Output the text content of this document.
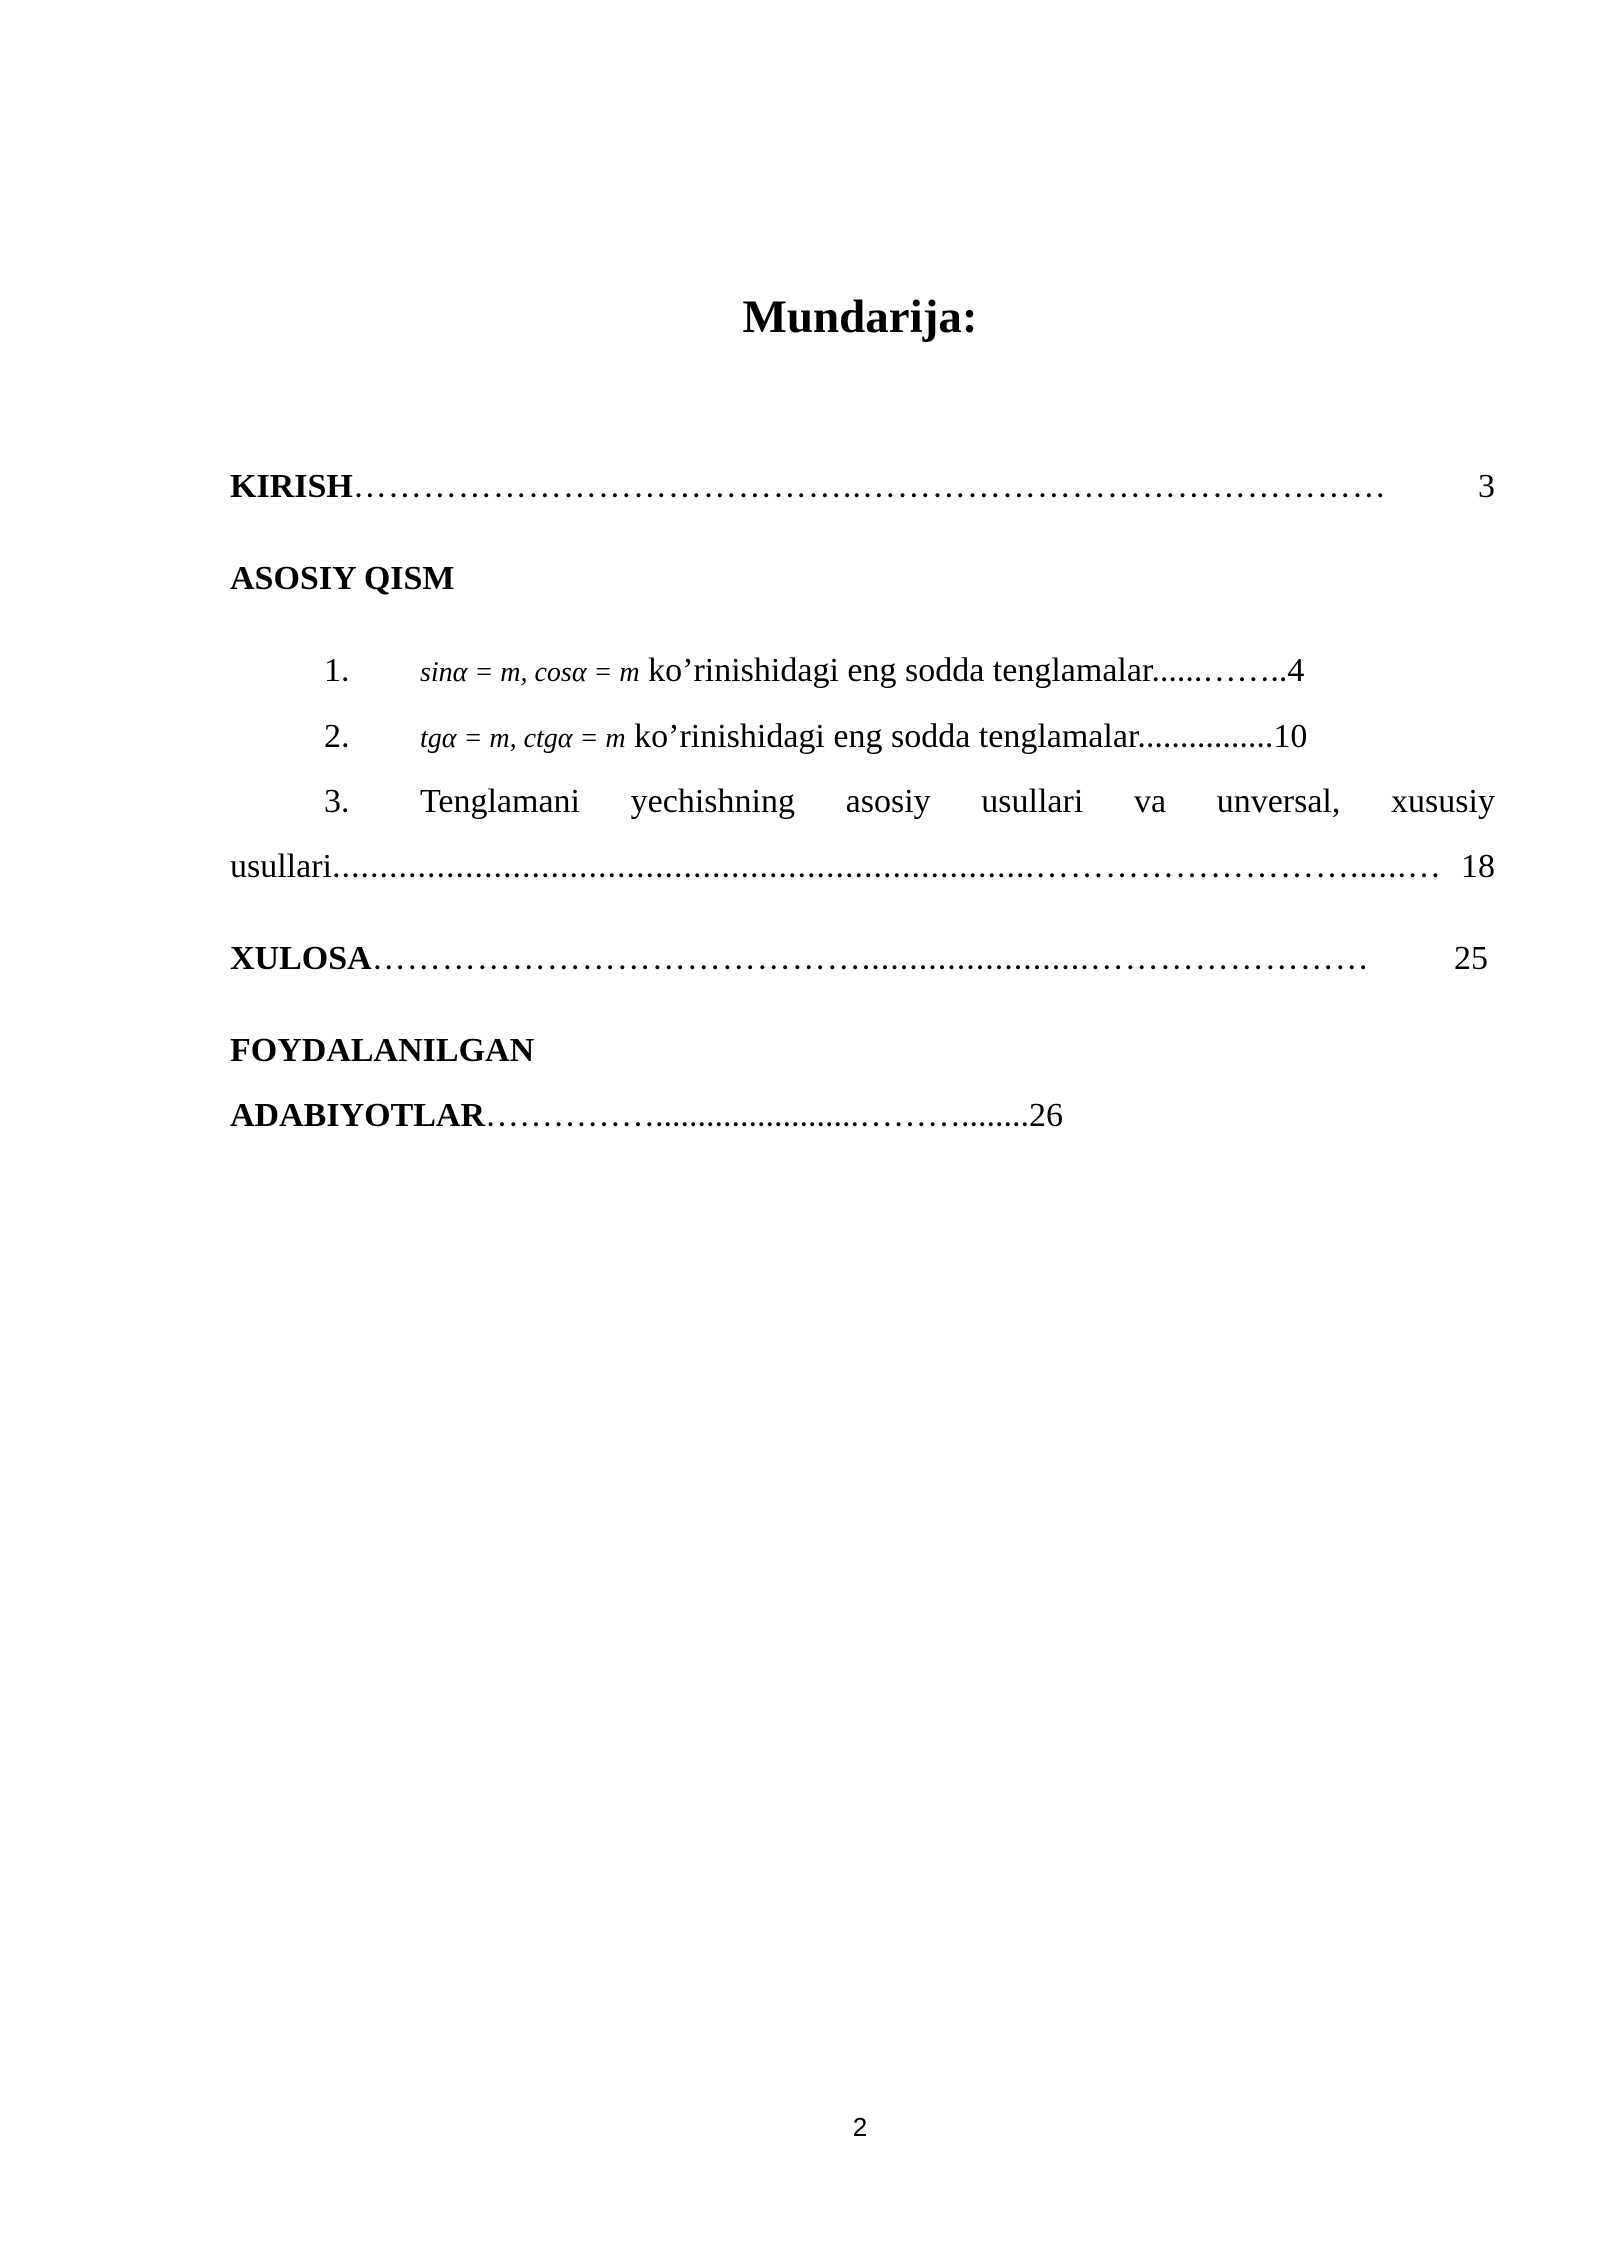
Mundarija:
KIRISH ……………………………………..………………………………………	3
ASOSIY QISM
1.	sinα = m, cosα = m ko’rinishidagi eng sodda tenglamalar......……..4
2.	tgα = m, ctgα = m ko’rinishidagi eng sodda tenglamalar................10
3. Tenglamani yechishning asosiy usullari va unversal, xususiy
usullari ..........................................................................………………………......… 18
XULOSA ……………………………………........................……………………	25
FOYDALANILGAN
ADABIYOTLAR……………........................………........26
2
